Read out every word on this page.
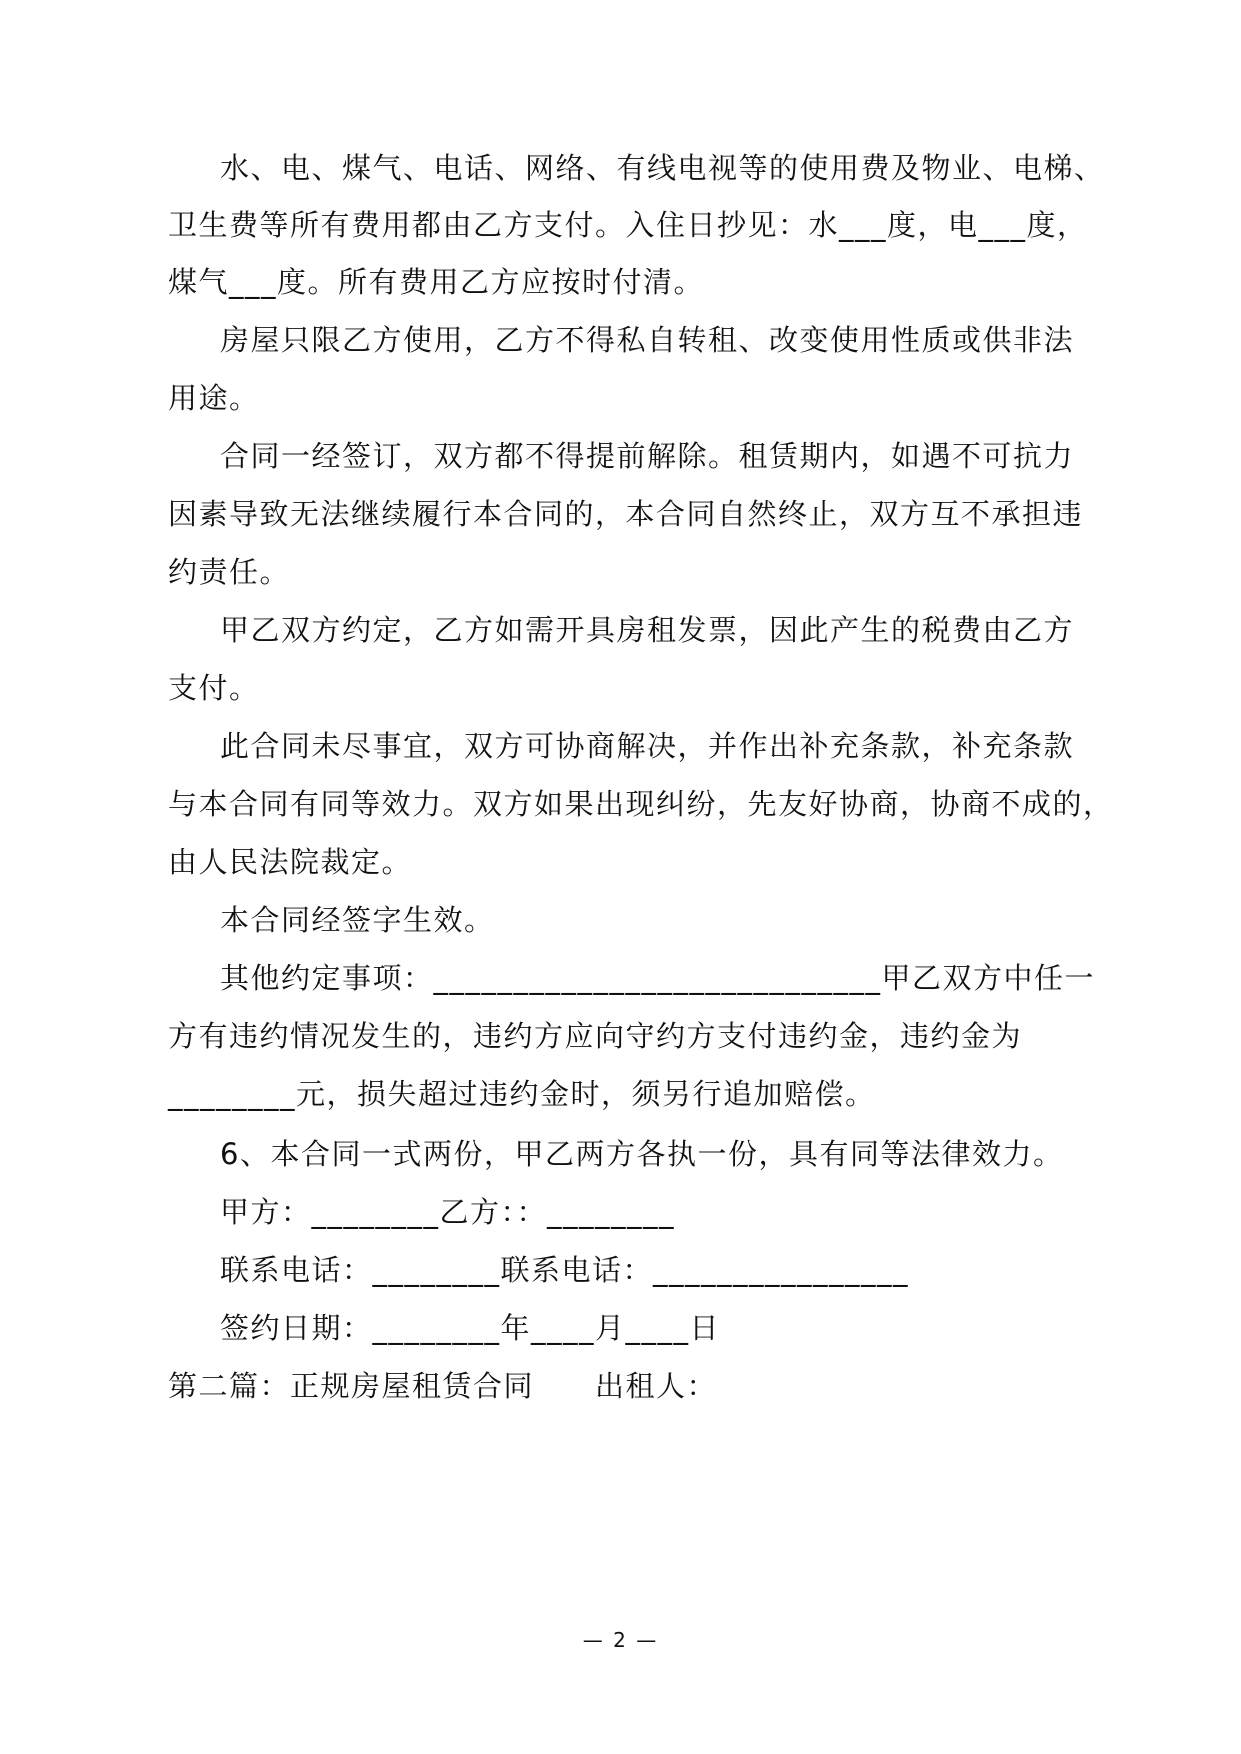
水、电、煤气、电话、网络、有线电视等的使用费及物业、电梯、
卫生费等所有费用都由乙方支付。入住日抄见：水___度，电___度，
煤气___度。所有费用乙方应按时付清。
房屋只限乙方使用，乙方不得私自转租、改变使用性质或供非法
用途。
合同一经签订，双方都不得提前解除。租赁期内，如遇不可抗力
因素导致无法继续履行本合同的，本合同自然终止，双方互不承担违
约责任。
甲乙双方约定，乙方如需开具房租发票，因此产生的税费由乙方
支付。
此合同未尽事宜，双方可协商解决，并作出补充条款，补充条款
与本合同有同等效力。双方如果出现纠纷，先友好协商，协商不成的，
由人民法院裁定。
本合同经签字生效。
其他约定事项：____________________________甲乙双方中任一
方有违约情况发生的，违约方应向守约方支付违约金，违约金为
________元，损失超过违约金时，须另行追加赔偿。
6、本合同一式两份，甲乙两方各执一份，具有同等法律效力。
甲方：________乙方：：________
联系电话：________联系电话：________________
签约日期：________年____月____日
第二篇：正规房屋租赁合同　　出租人：
— 2 —
